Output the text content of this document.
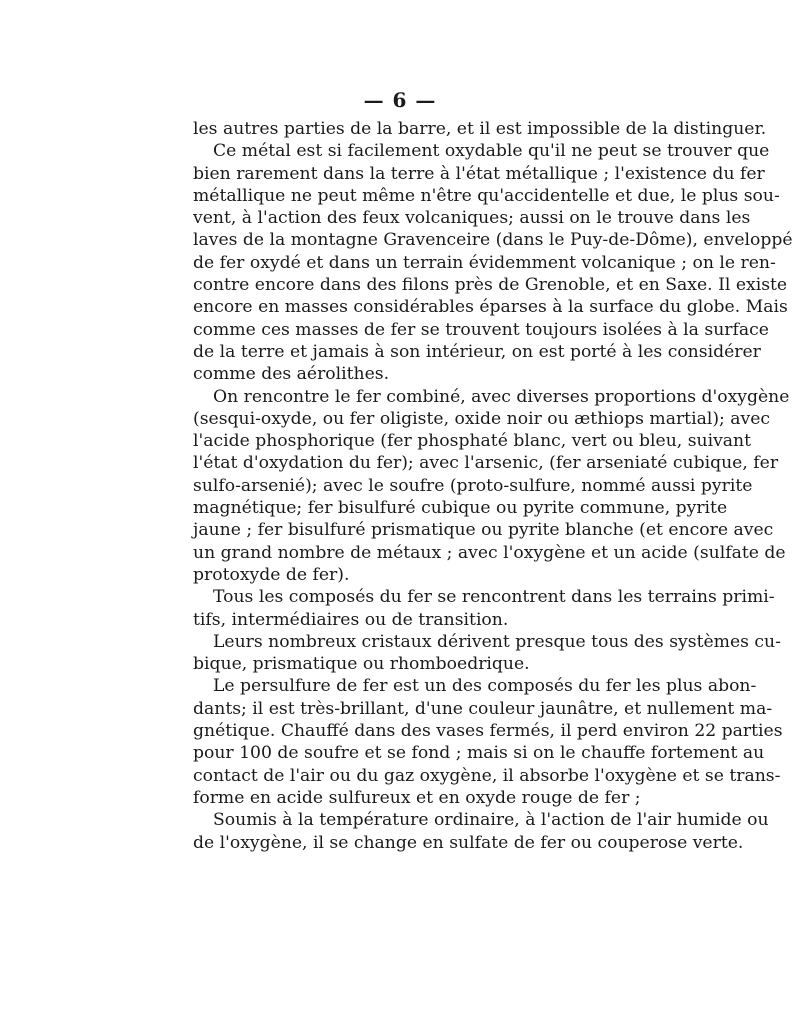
— 6 —
les autres parties de la barre, et il est impossible de la distinguer.
Ce métal est si facilement oxydable qu'il ne peut se trouver que
bien rarement dans la terre à l'état métallique ; l'existence du fer
métallique ne peut même n'être qu'accidentelle et due, le plus sou-
vent, à l'action des feux volcaniques; aussi on le trouve dans les
laves de la montagne Gravenceire (dans le Puy-de-Dôme), enveloppé
de fer oxydé et dans un terrain évidemment volcanique ; on le ren-
contre encore dans des filons près de Grenoble, et en Saxe. Il existe
encore en masses considérables éparses à la surface du globe. Mais
comme ces masses de fer se trouvent toujours isolées à la surface
de la terre et jamais à son intérieur, on est porté à les considérer
comme des aérolithes.
On rencontre le fer combiné, avec diverses proportions d'oxygène
(sesqui-oxyde, ou fer oligiste, oxide noir ou æthiops martial); avec
l'acide phosphorique (fer phosphaté blanc, vert ou bleu, suivant
l'état d'oxydation du fer); avec l'arsenic, (fer arseniaté cubique, fer
sulfo-arsenié); avec le soufre (proto-sulfure, nommé aussi pyrite
magnétique; fer bisulfuré cubique ou pyrite commune, pyrite
jaune ; fer bisulfuré prismatique ou pyrite blanche (et encore avec
un grand nombre de métaux ; avec l'oxygène et un acide (sulfate de
protoxyde de fer).
Tous les composés du fer se rencontrent dans les terrains primi-
tifs, intermédiaires ou de transition.
Leurs nombreux cristaux dérivent presque tous des systèmes cu-
bique, prismatique ou rhomboedrique.
Le persulfure de fer est un des composés du fer les plus abon-
dants; il est très-brillant, d'une couleur jaunâtre, et nullement ma-
gnétique. Chauffé dans des vases fermés, il perd environ 22 parties
pour 100 de soufre et se fond ; mais si on le chauffe fortement au
contact de l'air ou du gaz oxygène, il absorbe l'oxygène et se trans-
forme en acide sulfureux et en oxyde rouge de fer ;
Soumis à la température ordinaire, à l'action de l'air humide ou
de l'oxygène, il se change en sulfate de fer ou couperose verte.
